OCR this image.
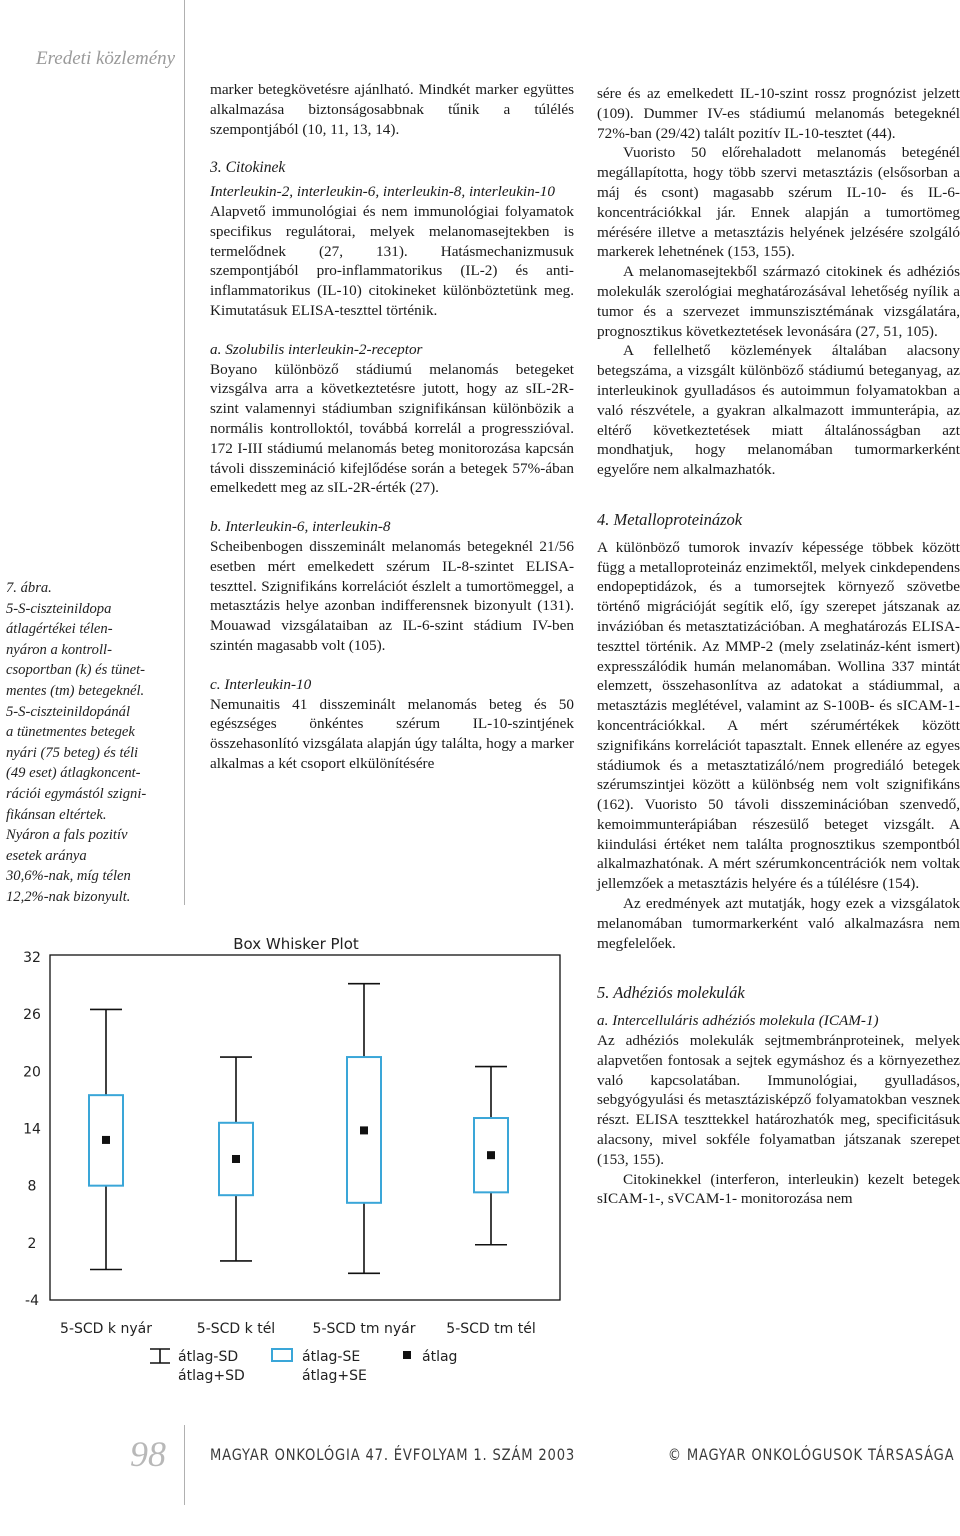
Eredeti közlemény

7. ábra.

5-S-ciszteinildopa

átlagértékei télen-

nyáron a kontroll-

csoportban (k) és tünet-

mentes (tm) betegeknél.

5-S-ciszteinildopánál

a tünetmentes betegek

nyári (75 beteg) és téli

(49 eset) átlagkoncent-

rációi egymástól szigni-

fikánsan eltértek.

Nyáron a fals pozitív

esetek aránya

30,6%-nak, míg télen

12,2%-nak bizonyult.

marker betegkövetésre ajánlható. Mindkét marker együttes alkalmazása biztonságosabbnak tűnik a túlélés szempontjából (10, 11, 13, 14).

3. Citokinek

Interleukin-2, interleukin-6, interleukin-8, interleukin-10

Alapvető immunológiai és nem immunológiai folyamatok specifikus regulátorai, melyek melanomasejtekben is termelődnek (27, 131). Hatásmechanizmusuk szempontjából pro-inflammatorikus (IL-2) és anti-inflammatorikus (IL-10) citokineket különböztetünk meg. Kimutatásuk ELISA-teszttel történik.

a. Szolubilis interleukin-2-receptor

Boyano különböző stádiumú melanomás betegeket vizsgálva arra a következtetésre jutott, hogy az sIL-2R-szint valamennyi stádiumban szignifikánsan különbözik a normális kontrolloktól, továbbá korrelál a progresszióval. 172 I-III stádiumú melanomás beteg monitorozása kapcsán távoli disszemináció kifejlődése során a betegek 57%-ában emelkedett meg az sIL-2R-érték (27).

b. Interleukin-6, interleukin-8

Scheibenbogen disszeminált melanomás betegeknél 21/56 esetben mért emelkedett szérum IL-8-szintet ELISA-teszttel. Szignifikáns korrelációt észlelt a tumortömeggel, a metasztázis helye azonban indifferensnek bizonyult (131). Mouawad vizsgálataiban az IL-6-szint stádium IV-ben szintén magasabb volt (105).

c. Interleukin-10

Nemunaitis 41 disszeminált melanomás beteg és 50 egészséges önkéntes szérum IL-10-szintjének összehasonlító vizsgálata alapján úgy találta, hogy a marker alkalmas a két csoport elkülönítésére

sére és az emelkedett IL-10-szint rossz prognózist jelzett (109). Dummer IV-es stádiumú melanomás betegeknél 72%-ban (29/42) talált pozitív IL-10-tesztet (44).

Vuoristo 50 előrehaladott melanomás betegénél megállapította, hogy több szervi metasztázis (elsősorban a máj és csont) magasabb szérum IL-10- és IL-6-koncentrációkkal jár. Ennek alapján a tumortömeg mérésére illetve a metasztázis helyének jelzésére szolgáló markerek lehetnének (153, 155).

A melanomasejtekből származó citokinek és adhéziós molekulák szerológiai meghatározásával lehetőség nyílik a tumor és a szervezet immunszisztémának vizsgálatára, prognosztikus következtetések levonására (27, 51, 105).

A fellelhető közlemények általában alacsony betegszáma, a vizsgált különböző stádiumú beteganyag, az interleukinok gyulladásos és autoimmun folyamatokban a való részvétele, a gyakran alkalmazott immunterápia, az eltérő következtetések miatt általánosságban azt mondhatjuk, hogy melanomában tumormarkerként egyelőre nem alkalmazhatók.

4. Metalloproteinázok

A különböző tumorok invazív képessége többek között függ a metalloproteináz enzimektől, melyek cinkdependens endopeptidázok, és a tumorsejtek környező szövetbe történő migrációját segítik elő, így szerepet játszanak az invázióban és metasztatizációban. A meghatározás ELISA-teszttel történik. Az MMP-2 (mely zselatináz-ként ismert) expresszálódik humán melanomában. Wollina 337 mintát elemzett, összehasonlítva az adatokat a stádiummal, a metasztázis meglétével, valamint az S-100B- és sICAM-1-koncentrációkkal. A mért szérumértékek között szignifikáns korrelációt tapasztalt. Ennek ellenére az egyes stádiumok és a metasztatizáló/nem progrediáló betegek szérumszintjei között a különbség nem volt szignifikáns (162). Vuoristo 50 távoli disszeminációban szenvedő, kemoimmunterápiában részesülő beteget vizsgált. A kiindulási értéket nem találta prognosztikus szempontból alkalmazhatónak. A mért szérumkoncentrációk nem voltak jellemzőek a metasztázis helyére és a túlélésre (154).

Az eredmények azt mutatják, hogy ezek a vizsgálatok melanomában tumormarkerként való alkalmazásra nem megfelelőek.

5. Adhéziós molekulák

a. Intercelluláris adhéziós molekula (ICAM-1)

Az adhéziós molekulák sejtmembránproteinek, melyek alapvetően fontosak a sejtek egymáshoz és a környezethez való kapcsolatában. Immunológiai, gyulladásos, sebgyógyulási és metasztázisképző folyamatokban vesznek részt. ELISA teszttekkel határozhatók meg, specificitásuk alacsony, mivel sokféle folyamatban játszanak szerepet (153, 155).

Citokinekkel (interferon, interleukin) kezelt betegek sICAM-1-, sVCAM-1- monitorozása nem

Box Whisker Plot
-4
2
8
14
20
26
32
5-SCD k nyár	5-SCD k tél	5-SCD tm nyár 5-SCD tm tél
átlag-SD
átlag+SD
átlag-SE
átlag+SE
átlag
98	MAGYAR ONKOLÓGIA 47. ÉVFOLYAM 1. SZÁM 2003	© MAGYAR ONKOLÓGUSOK TÁRSASÁGA
